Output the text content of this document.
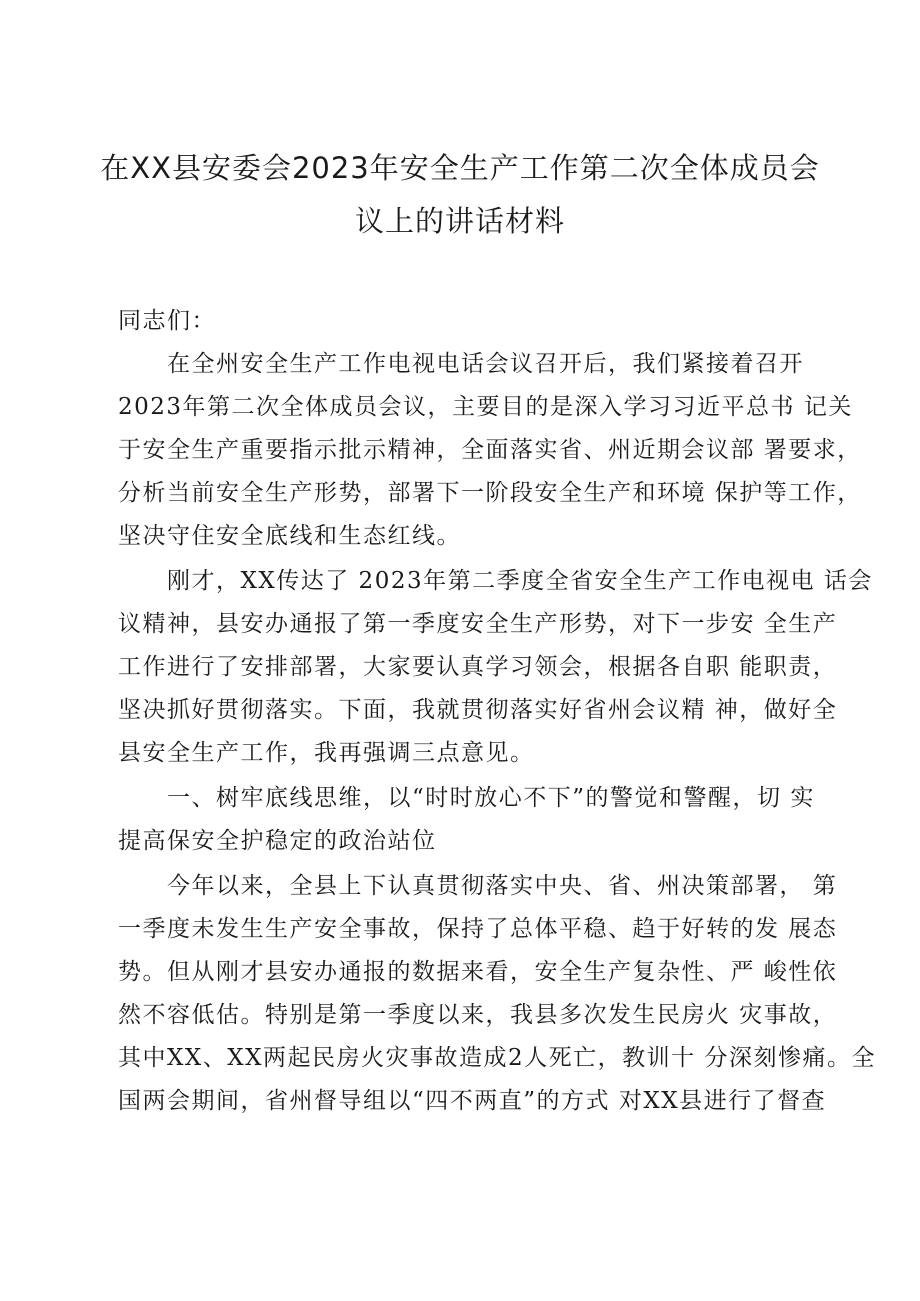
在XX县安委会2023年安全生产工作第二次全体成员会
议上的讲话材料

同志们：

　　在全州安全生产工作电视电话会议召开后，我们紧接着召开

2023年第二次全体成员会议，主要目的是深入学习习近平总书 记关

于安全生产重要指示批示精神，全面落实省、州近期会议部 署要求，

分析当前安全生产形势，部署下一阶段安全生产和环境 保护等工作，

坚决守住安全底线和生态红线。

　　刚才，XX传达了 2023年第二季度全省安全生产工作电视电 话会

议精神，县安办通报了第一季度安全生产形势，对下一步安 全生产

工作进行了安排部署，大家要认真学习领会，根据各自职 能职责，

坚决抓好贯彻落实。下面，我就贯彻落实好省州会议精 神，做好全

县安全生产工作，我再强调三点意见。

　　一、树牢底线思维，以“时时放心不下”的警觉和警醒，切 实

提高保安全护稳定的政治站位

　　今年以来，全县上下认真贯彻落实中央、省、州决策部署， 第

一季度未发生生产安全事故，保持了总体平稳、趋于好转的发 展态

势。但从刚才县安办通报的数据来看，安全生产复杂性、严 峻性依

然不容低估。特别是第一季度以来，我县多次发生民房火 灾事故，

其中XX、XX两起民房火灾事故造成2人死亡，教训十 分深刻惨痛。全

国两会期间，省州督导组以“四不两直”的方式 对XX县进行了督查
